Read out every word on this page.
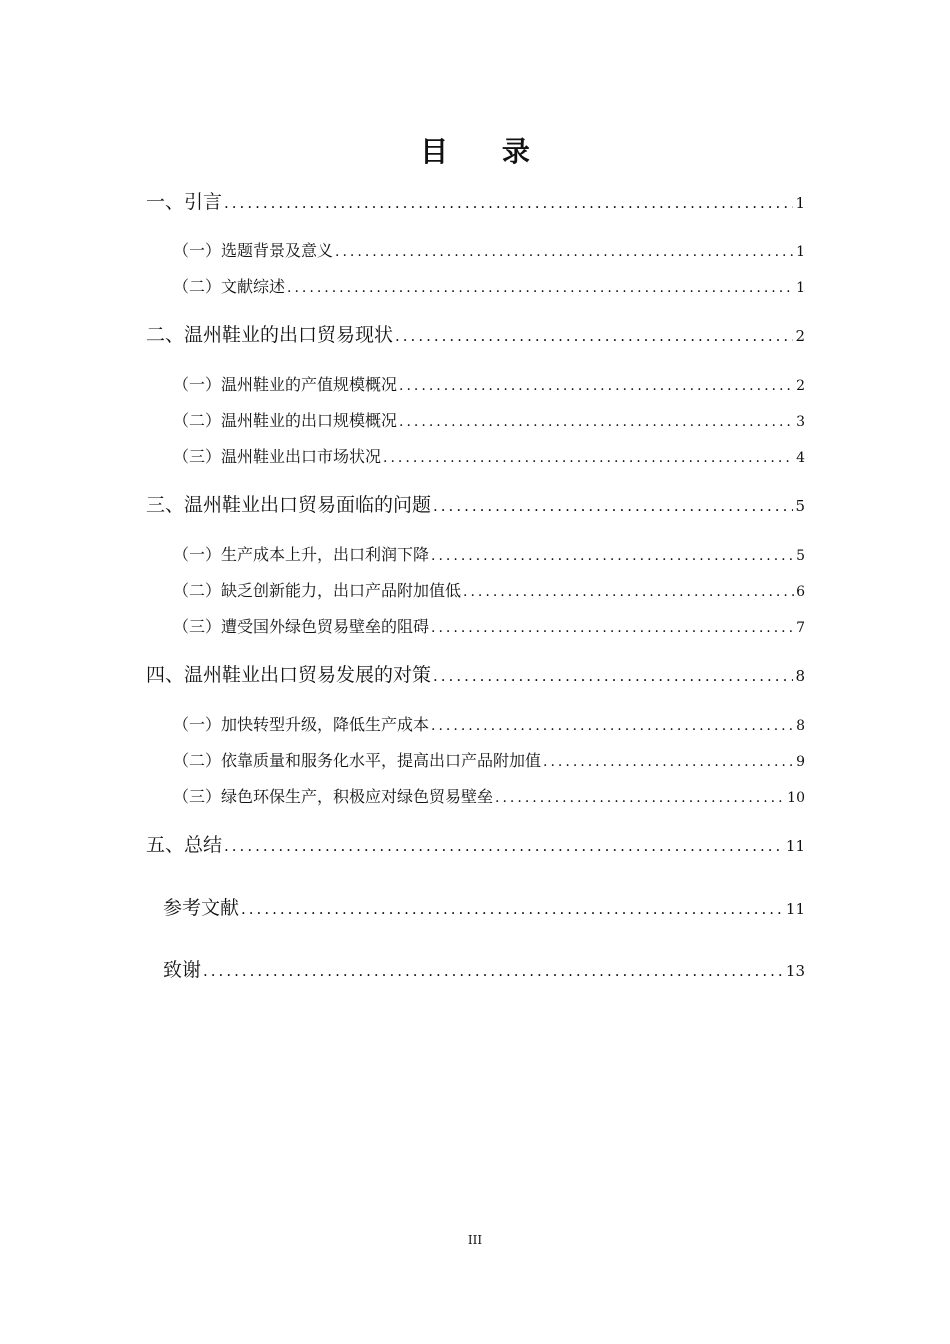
目 录
一、引言 .....	1
（一）选题背景及意义 .....	1
（二）文献综述 .....	1
二、温州鞋业的出口贸易现状 .....	2
（一）温州鞋业的产值规模概况 .....	2
（二）温州鞋业的出口规模概况 .....	3
（三）温州鞋业出口市场状况 .....	4
三、温州鞋业出口贸易面临的问题 .....	5
（一）生产成本上升，出口利润下降 .....	5
（二）缺乏创新能力，出口产品附加值低 .....	6
（三）遭受国外绿色贸易壁垒的阻碍 .....	7
四、温州鞋业出口贸易发展的对策 .....	8
（一）加快转型升级，降低生产成本 .....	8
（二）依靠质量和服务化水平，提高出口产品附加值 .....	9
（三）绿色环保生产，积极应对绿色贸易壁垒 .....	10
五、总结 .....	11
参考文献 .....	11
致谢 .....	13
III
